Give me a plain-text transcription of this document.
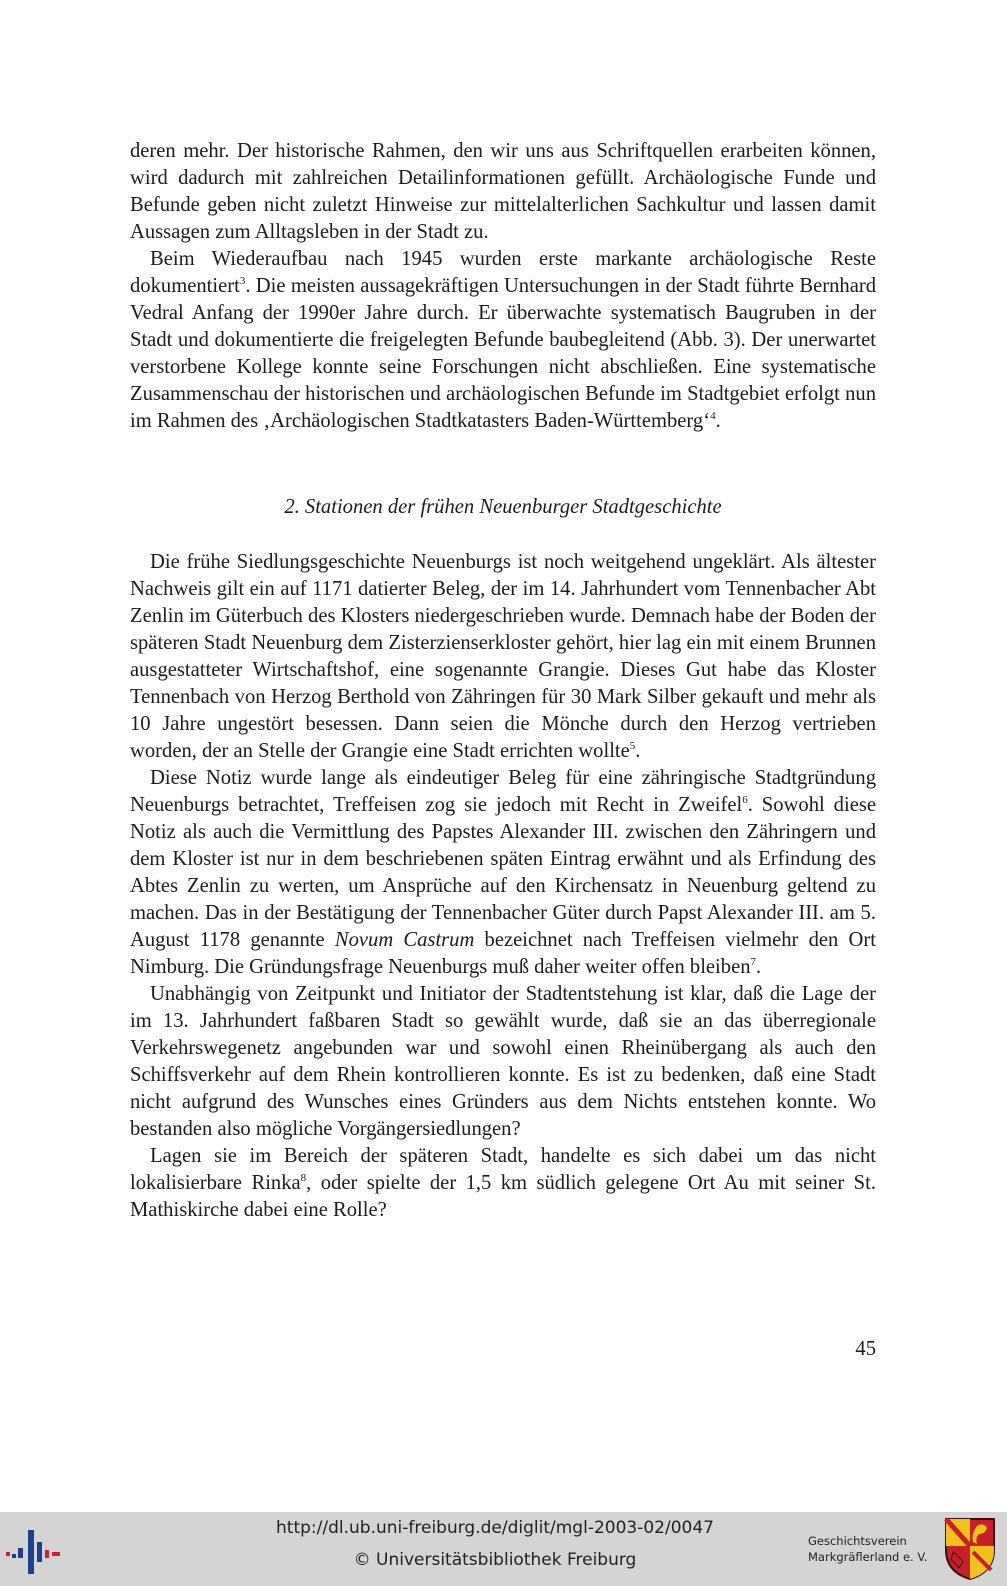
deren mehr. Der historische Rahmen, den wir uns aus Schriftquellen erarbeiten können, wird dadurch mit zahlreichen Detailinformationen gefüllt. Archäologische Funde und Befunde geben nicht zuletzt Hinweise zur mittelalterlichen Sachkultur und lassen damit Aussagen zum Alltagsleben in der Stadt zu.

Beim Wiederaufbau nach 1945 wurden erste markante archäologische Reste dokumentiert$^3$. Die meisten aussagekräftigen Untersuchungen in der Stadt führte Bernhard Vedral Anfang der 1990er Jahre durch. Er überwachte systematisch Baugruben in der Stadt und dokumentierte die freigelegten Befunde baubegleitend (Abb. 3). Der unerwartet verstorbene Kollege konnte seine Forschungen nicht abschließen. Eine systematische Zusammenschau der historischen und archäologischen Befunde im Stadtgebiet erfolgt nun im Rahmen des ‚Archäologischen Stadtkatasters Baden-Württemberg‘$^4$.

2. Stationen der frühen Neuenburger Stadtgeschichte

Die frühe Siedlungsgeschichte Neuenburgs ist noch weitgehend ungeklärt. Als ältester Nachweis gilt ein auf 1171 datierter Beleg, der im 14. Jahrhundert vom Tennenbacher Abt Zenlin im Güterbuch des Klosters niedergeschrieben wurde. Demnach habe der Boden der späteren Stadt Neuenburg dem Zisterzienserkloster gehört, hier lag ein mit einem Brunnen ausgestatteter Wirtschaftshof, eine sogenannte Grangie. Dieses Gut habe das Kloster Tennenbach von Herzog Berthold von Zähringen für 30 Mark Silber gekauft und mehr als 10 Jahre ungestört besessen. Dann seien die Mönche durch den Herzog vertrieben worden, der an Stelle der Grangie eine Stadt errichten wollte$^5$.

Diese Notiz wurde lange als eindeutiger Beleg für eine zähringische Stadtgründung Neuenburgs betrachtet, Treffeisen zog sie jedoch mit Recht in Zweifel$^6$. Sowohl diese Notiz als auch die Vermittlung des Papstes Alexander III. zwischen den Zähringern und dem Kloster ist nur in dem beschriebenen späten Eintrag erwähnt und als Erfindung des Abtes Zenlin zu werten, um Ansprüche auf den Kirchensatz in Neuenburg geltend zu machen. Das in der Bestätigung der Tennenbacher Güter durch Papst Alexander III. am 5. August 1178 genannte Novum Castrum bezeichnet nach Treffeisen vielmehr den Ort Nimburg. Die Gründungsfrage Neuenburgs muß daher weiter offen bleiben$^7$.

Unabhängig von Zeitpunkt und Initiator der Stadtentstehung ist klar, daß die Lage der im 13. Jahrhundert faßbaren Stadt so gewählt wurde, daß sie an das überregionale Verkehrswegenetz angebunden war und sowohl einen Rheinübergang als auch den Schiffsverkehr auf dem Rhein kontrollieren konnte. Es ist zu bedenken, daß eine Stadt nicht aufgrund des Wunsches eines Gründers aus dem Nichts entstehen konnte. Wo bestanden also mögliche Vorgängersiedlungen?

Lagen sie im Bereich der späteren Stadt, handelte es sich dabei um das nicht lokalisierbare Rinka$^8$, oder spielte der 1,5 km südlich gelegene Ort Au mit seiner St. Mathiskirche dabei eine Rolle?

45
http://dl.ub.uni-freiburg.de/diglit/mgl-2003-02/0047
© Universitätsbibliothek Freiburg
Geschichtsverein
Markgräflerland e. V.
